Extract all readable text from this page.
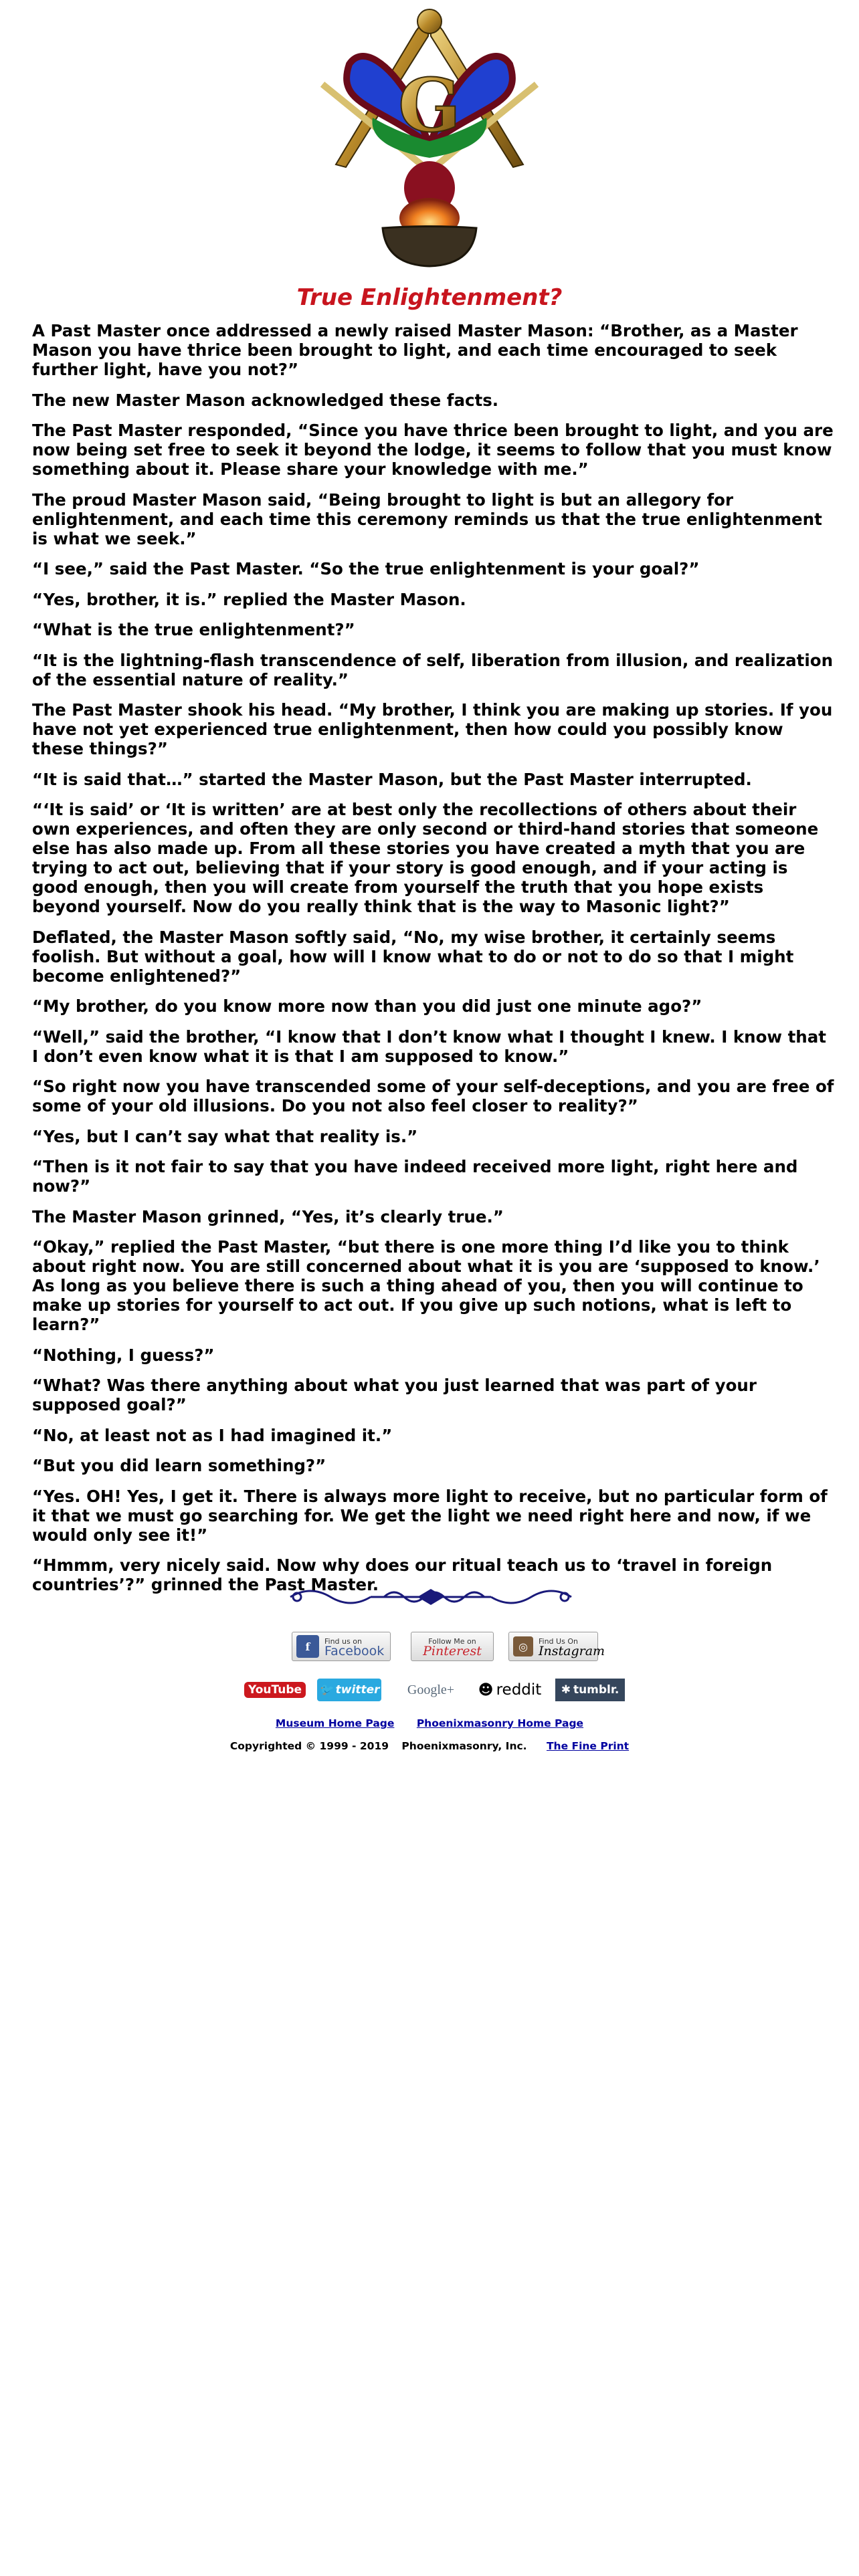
G
True Enlightenment?

A Past Master once addressed a newly raised Master Mason: “Brother, as a Master Mason you have thrice been brought to light, and each time encouraged to seek further light, have you not?”

The new Master Mason acknowledged these facts.

The Past Master responded, “Since you have thrice been brought to light, and you are now being set free to seek it beyond the lodge, it seems to follow that you must know something about it. Please share your knowledge with me.”

The proud Master Mason said, “Being brought to light is but an allegory for enlightenment, and each time this ceremony reminds us that the true enlightenment is what we seek.”

“I see,” said the Past Master. “So the true enlightenment is your goal?”

“Yes, brother, it is.” replied the Master Mason.

“What is the true enlightenment?”

“It is the lightning-flash transcendence of self, liberation from illusion, and realization of the essential nature of reality.”

The Past Master shook his head. “My brother, I think you are making up stories. If you have not yet experienced true enlightenment, then how could you possibly know these things?”

“It is said that…” started the Master Mason, but the Past Master interrupted.

“‘It is said’ or ‘It is written’ are at best only the recollections of others about their own experiences, and often they are only second or third-hand stories that someone else has also made up. From all these stories you have created a myth that you are trying to act out, believing that if your story is good enough, and if your acting is good enough, then you will create from yourself the truth that you hope exists beyond yourself. Now do you really think that is the way to Masonic light?”

Deflated, the Master Mason softly said, “No, my wise brother, it certainly seems foolish. But without a goal, how will I know what to do or not to do so that I might become enlightened?”

“My brother, do you know more now than you did just one minute ago?”

“Well,” said the brother, “I know that I don’t know what I thought I knew. I know that I don’t even know what it is that I am supposed to know.”

“So right now you have transcended some of your self-deceptions, and you are free of some of your old illusions. Do you not also feel closer to reality?”

“Yes, but I can’t say what that reality is.”

“Then is it not fair to say that you have indeed received more light, right here and now?”

The Master Mason grinned, “Yes, it’s clearly true.”

“Okay,” replied the Past Master, “but there is one more thing I’d like you to think about right now. You are still concerned about what it is you are ‘supposed to know.’ As long as you believe there is such a thing ahead of you, then you will continue to make up stories for yourself to act out. If you give up such notions, what is left to learn?”

“Nothing, I guess?”

“What? Was there anything about what you just learned that was part of your supposed goal?”

“No, at least not as I had imagined it.”

“But you did learn something?”

“Yes. OH! Yes, I get it. There is always more light to receive, but no particular form of it that we must go searching for. We get the light we need right here and now, if we would only see it!”

“Hmmm, very nicely said. Now why does our ritual teach us to ‘travel in foreign countries’?” grinned the Past Master.

f	Find us on
Facebook
Follow Me on
Pinterest	◎	Find Us On
Instagram
YouTube	🐦 twitter Google+ ☻ reddit ✱ tumblr.
Museum Home Page Phoenixmasonry Home Page
Copyrighted © 1999 - 2019 Phoenixmasonry, Inc. The Fine Print
